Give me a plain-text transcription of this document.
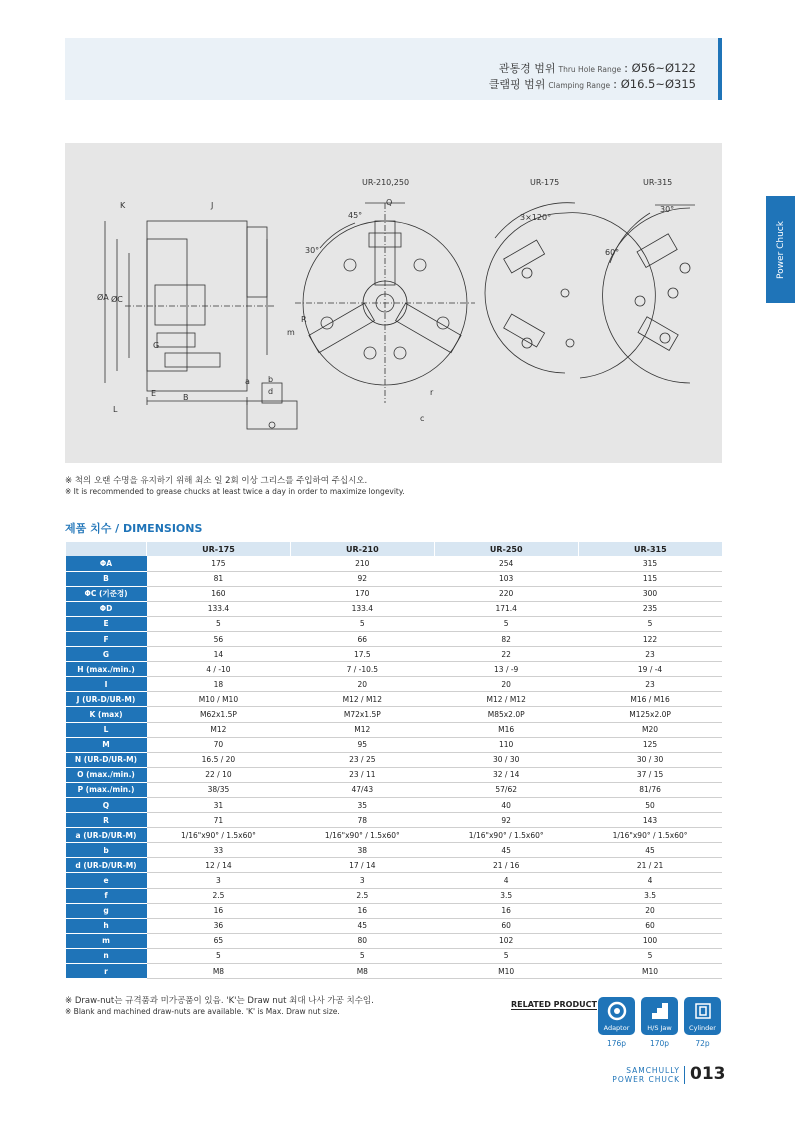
관통경 범위 Thru Hole Range : Ø56~Ø122
클램핑 범위 Clamping Range : Ø16.5~Ø315
Power Chuck
UR-210,250	UR-175	UR-315
K	J
ØA ØC
B
E
G
L
Q
45°
30°
30°
3×120°
60°
m
R
c
r
a b
d
※ 척의 오랜 수명을 유지하기 위해 최소 일 2회 이상 그리스를 주입하여 주십시오.
※ It is recommended to grease chucks at least twice a day in order to maximize longevity.
제품 치수 / DIMENSIONS
	UR-175	UR-210	UR-250	UR-315
ΦA	175	210	254	315
B	81	92	103	115
ΦC (기준경)	160	170	220	300
ΦD	133.4	133.4	171.4	235
E	5	5	5	5
F	56	66	82	122
G	14	17.5	22	23
H (max./min.)	4 / -10	7 / -10.5	13 / -9	19 / -4
I	18	20	20	23
J (UR-D/UR-M)	M10 / M10	M12 / M12	M12 / M12	M16 / M16
K (max)	M62x1.5P	M72x1.5P	M85x2.0P	M125x2.0P
L	M12	M12	M16	M20
M	70	95	110	125
N (UR-D/UR-M)	16.5 / 20	23 / 25	30 / 30	30 / 30
O (max./min.)	22 / 10	23 / 11	32 / 14	37 / 15
P (max./min.)	38/35	47/43	57/62	81/76
Q	31	35	40	50
R	71	78	92	143
a (UR-D/UR-M)	1/16"x90° / 1.5x60°	1/16"x90° / 1.5x60°	1/16"x90° / 1.5x60°	1/16"x90° / 1.5x60°
b	33	38	45	45
d (UR-D/UR-M)	12 / 14	17 / 14	21 / 16	21 / 21
e	3	3	4	4
f	2.5	2.5	3.5	3.5
g	16	16	16	20
h	36	45	60	60
m	65	80	102	100
n	5	5	5	5
r	M8	M8	M10	M10
※ Draw-nut는 규격품과 미가공품이 있음. 'K'는 Draw nut 최대 나사 가공 치수임.
※ Blank and machined draw-nuts are available. 'K' is Max. Draw nut size.
RELATED PRODUCT
Adaptor	H/S Jaw	Cylinder
176p	170p	72p
SAMCHULLY
POWER CHUCK 013
